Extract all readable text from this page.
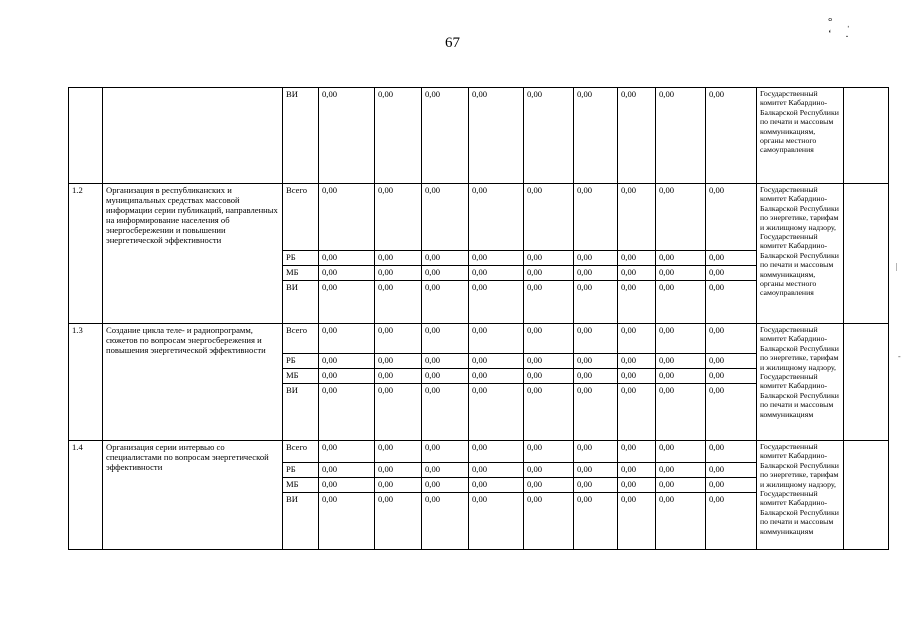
67
°ˌ ʻ.
		ВИ	0,00	0,00	0,00	0,00	0,00	0,00	0,00	0,00	0,00	Государственный комитет Кабардино-Балкарской Республики по печати и массовым коммуникациям, органы местного самоуправления	
1.2	Организация в республиканских и муниципальных средствах массовой информации серии публикаций, направленных на информирование населения об энергосбережении и повышении энергетической эффективности	Всего	0,00	0,00	0,00	0,00	0,00	0,00	0,00	0,00	0,00	Государственный комитет Кабардино-Балкарской Республики по энергетике, тарифам и жилищному надзору, Государственный комитет Кабардино-Балкарской Республики по печати и массовым коммуникациям, органы местного самоуправления	
		РБ	0,00	0,00	0,00	0,00	0,00	0,00	0,00	0,00	0,00		
		МБ	0,00	0,00	0,00	0,00	0,00	0,00	0,00	0,00	0,00		
		ВИ	0,00	0,00	0,00	0,00	0,00	0,00	0,00	0,00	0,00		
1.3	Создание цикла теле- и радиопрограмм, сюжетов по вопросам энергосбережения и повышения энергетической эффективности	Всего	0,00	0,00	0,00	0,00	0,00	0,00	0,00	0,00	0,00	Государственный комитет Кабардино-Балкарской Республики по энергетике, тарифам и жилищному надзору, Государственный комитет Кабардино-Балкарской Республики по печати и массовым коммуникациям	
		РБ	0,00	0,00	0,00	0,00	0,00	0,00	0,00	0,00	0,00		
		МБ	0,00	0,00	0,00	0,00	0,00	0,00	0,00	0,00	0,00		
		ВИ	0,00	0,00	0,00	0,00	0,00	0,00	0,00	0,00	0,00		
1.4	Организация серии интервью со специалистами по вопросам энергетической эффективности	Всего	0,00	0,00	0,00	0,00	0,00	0,00	0,00	0,00	0,00	Государственный комитет Кабардино-Балкарской Республики по энергетике, тарифам и жилищному надзору, Государственный комитет Кабардино-Балкарской Республики по печати и массовым коммуникациям	
		РБ	0,00	0,00	0,00	0,00	0,00	0,00	0,00	0,00	0,00		
		МБ	0,00	0,00	0,00	0,00	0,00	0,00	0,00	0,00	0,00		
		ВИ	0,00	0,00	0,00	0,00	0,00	0,00	0,00	0,00	0,00		
|
-
